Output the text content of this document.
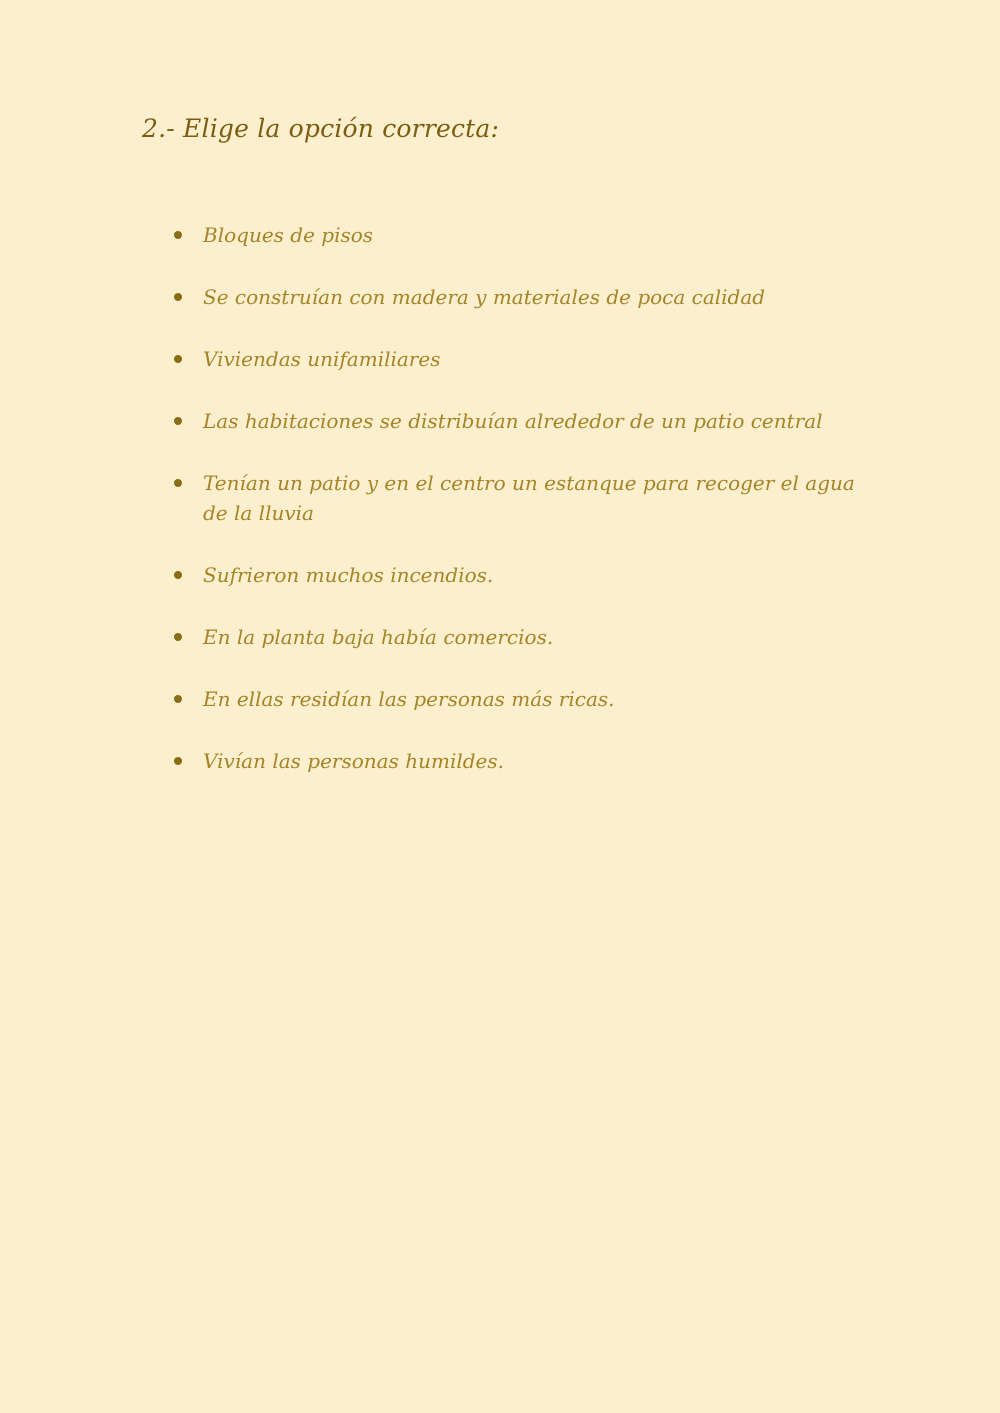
2.- Elige la opción correcta:
Bloques de pisos
Se construían con madera y materiales de poca calidad
Viviendas unifamiliares
Las habitaciones se distribuían alrededor de un patio central
Tenían un patio y en el centro un estanque para recoger el agua de la lluvia
Sufrieron muchos incendios.
En la planta baja había comercios.
En ellas residían las personas más ricas.
Vivían las personas humildes.
